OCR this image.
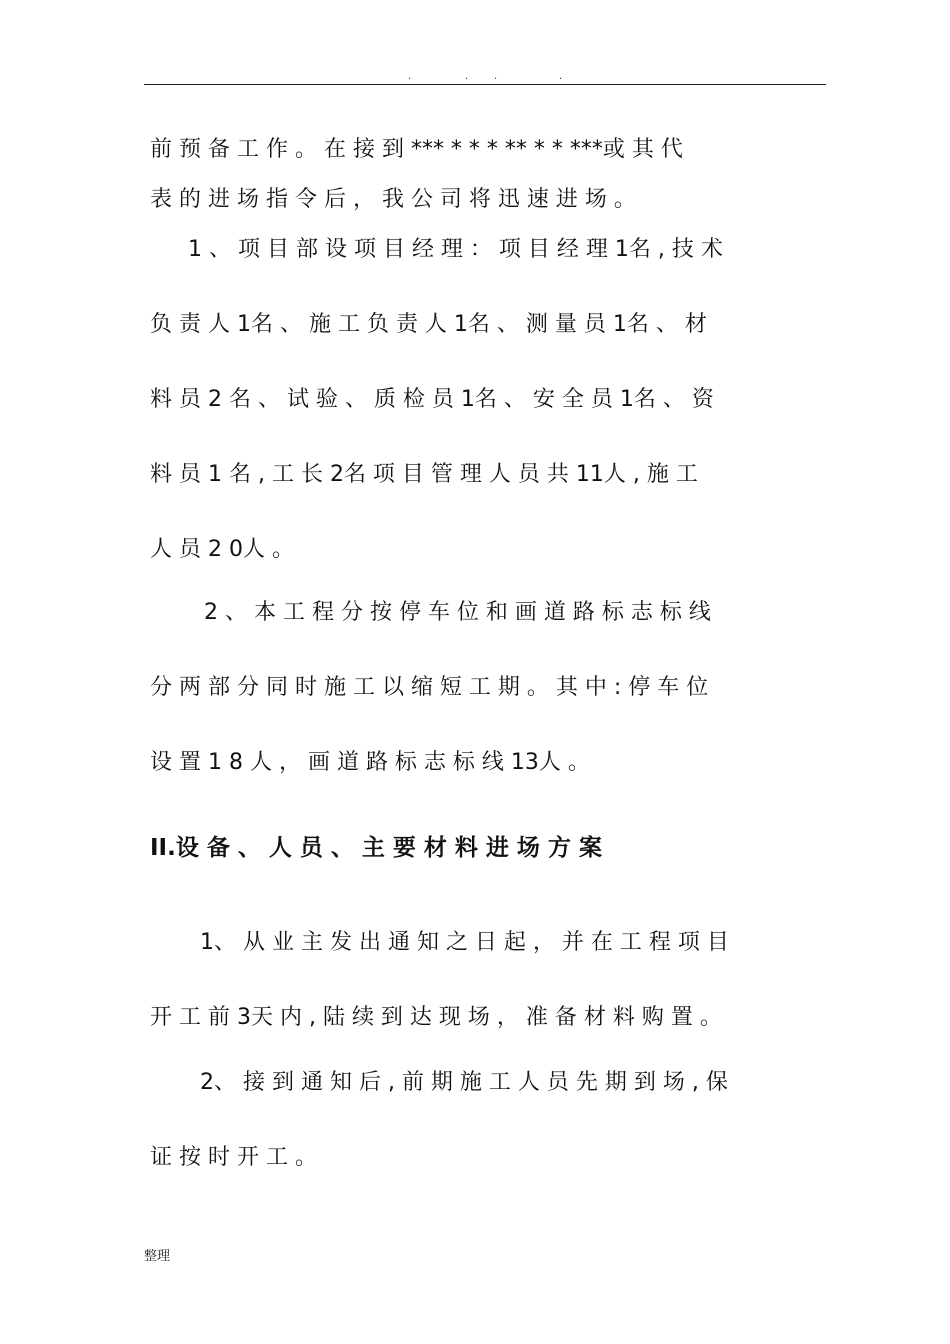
.	.	.	.
前 预 备 工 作 。 在 接 到 *** * * * ** * * ***或 其 代
表 的 进 场 指 令 后 ， 我 公 司 将 迅 速 进 场 。
1 、 项 目 部 设 项 目 经 理 ： 项 目 经 理 1名 , 技 术
负 责 人 1名 、 施 工 负 责 人 1名 、 测 量 员 1名 、 材
料 员 2 名 、 试 验 、 质 检 员 1名 、 安 全 员 1名 、 资
料 员 1 名 , 工 长 2名 项 目 管 理 人 员 共 11人 , 施 工
人 员 2 0人 。
2 、 本 工 程 分 按 停 车 位 和 画 道 路 标 志 标 线
分 两 部 分 同 时 施 工 以 缩 短 工 期 。 其 中 : 停 车 位
设 置 1 8 人 ， 画 道 路 标 志 标 线 13人 。
II.设 备 、 人 员 、 主 要 材 料 进 场 方 案
1、 从 业 主 发 出 通 知 之 日 起 ， 并 在 工 程 项 目
开 工 前 3天 内 , 陆 续 到 达 现 场 ， 准 备 材 料 购 置 。
2、 接 到 通 知 后 , 前 期 施 工 人 员 先 期 到 场 , 保
证 按 时 开 工 。
整理
